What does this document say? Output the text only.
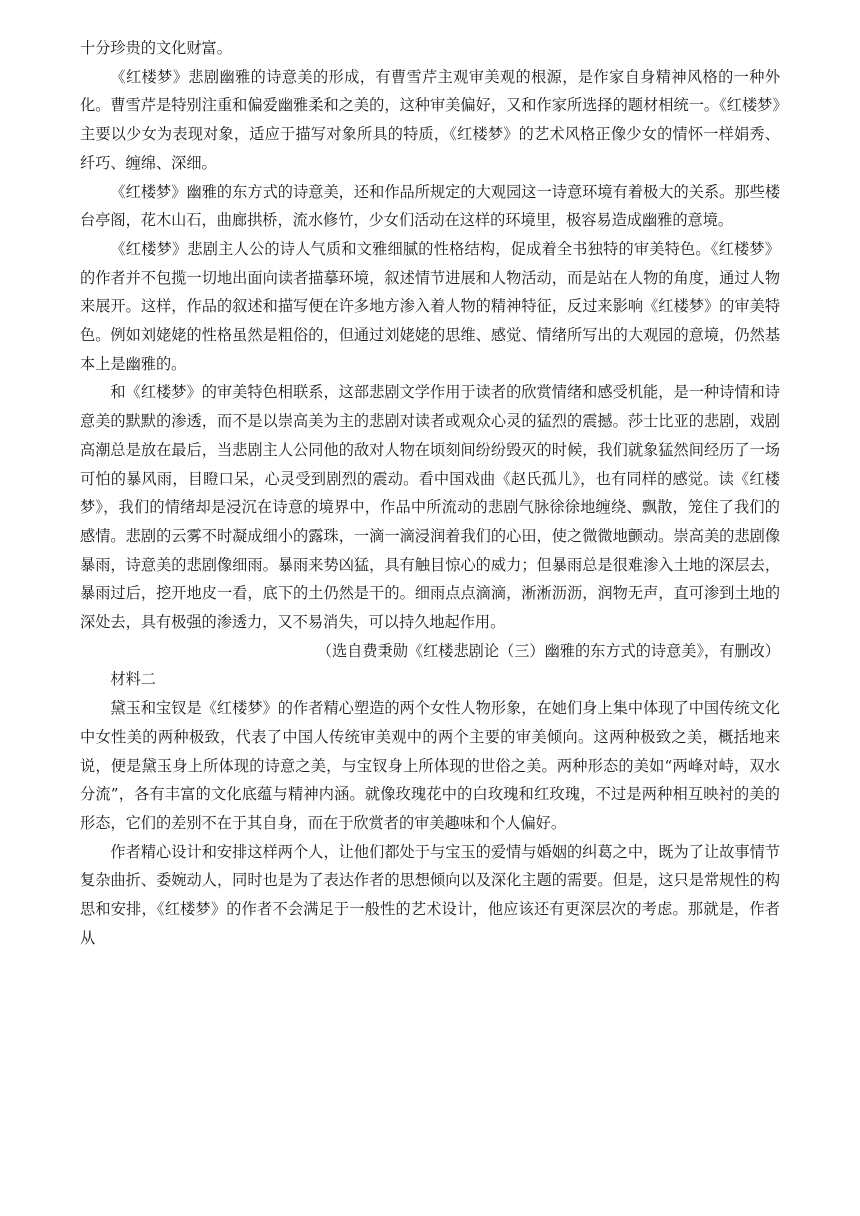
十分珍贵的文化财富。

《红楼梦》悲剧幽雅的诗意美的形成，有曹雪芹主观审美观的根源，是作家自身精神风格的一种外化。曹雪芹是特别注重和偏爱幽雅柔和之美的，这种审美偏好，又和作家所选择的题材相统一。《红楼梦》主要以少女为表现对象，适应于描写对象所具的特质，《红楼梦》的艺术风格正像少女的情怀一样娟秀、纤巧、缠绵、深细。

《红楼梦》幽雅的东方式的诗意美，还和作品所规定的大观园这一诗意环境有着极大的关系。那些楼台亭阁，花木山石，曲廊拱桥，流水修竹，少女们活动在这样的环境里，极容易造成幽雅的意境。

《红楼梦》悲剧主人公的诗人气质和文雅细腻的性格结构，促成着全书独特的审美特色。《红楼梦》的作者并不包揽一切地出面向读者描摹环境，叙述情节进展和人物活动，而是站在人物的角度，通过人物来展开。这样，作品的叙述和描写便在许多地方渗入着人物的精神特征，反过来影响《红楼梦》的审美特色。例如刘姥姥的性格虽然是粗俗的，但通过刘姥姥的思维、感觉、情绪所写出的大观园的意境，仍然基本上是幽雅的。

和《红楼梦》的审美特色相联系，这部悲剧文学作用于读者的欣赏情绪和感受机能，是一种诗情和诗意美的默默的渗透，而不是以崇高美为主的悲剧对读者或观众心灵的猛烈的震撼。莎士比亚的悲剧，戏剧高潮总是放在最后，当悲剧主人公同他的敌对人物在顷刻间纷纷毁灭的时候，我们就象猛然间经历了一场可怕的暴风雨，目瞪口呆，心灵受到剧烈的震动。看中国戏曲《赵氏孤儿》，也有同样的感觉。读《红楼梦》，我们的情绪却是浸沉在诗意的境界中，作品中所流动的悲剧气脉徐徐地缠绕、飘散，笼住了我们的感情。悲剧的云雾不时凝成细小的露珠，一滴一滴浸润着我们的心田，使之微微地颤动。崇高美的悲剧像暴雨，诗意美的悲剧像细雨。暴雨来势凶猛，具有触目惊心的威力；但暴雨总是很难渗入土地的深层去，暴雨过后，挖开地皮一看，底下的土仍然是干的。细雨点点滴滴，淅淅沥沥，润物无声，直可渗到土地的深处去，具有极强的渗透力，又不易消失，可以持久地起作用。

（选自费秉勋《红楼悲剧论（三）幽雅的东方式的诗意美》，有删改）

材料二

黛玉和宝钗是《红楼梦》的作者精心塑造的两个女性人物形象，在她们身上集中体现了中国传统文化中女性美的两种极致，代表了中国人传统审美观中的两个主要的审美倾向。这两种极致之美，概括地来说，便是黛玉身上所体现的诗意之美，与宝钗身上所体现的世俗之美。两种形态的美如“两峰对峙，双水分流”，各有丰富的文化底蕴与精神内涵。就像玫瑰花中的白玫瑰和红玫瑰，不过是两种相互映衬的美的形态，它们的差别不在于其自身，而在于欣赏者的审美趣味和个人偏好。

作者精心设计和安排这样两个人，让他们都处于与宝玉的爱情与婚姻的纠葛之中，既为了让故事情节复杂曲折、委婉动人，同时也是为了表达作者的思想倾向以及深化主题的需要。但是，这只是常规性的构思和安排，《红楼梦》的作者不会满足于一般性的艺术设计，他应该还有更深层次的考虑。那就是，作者从
